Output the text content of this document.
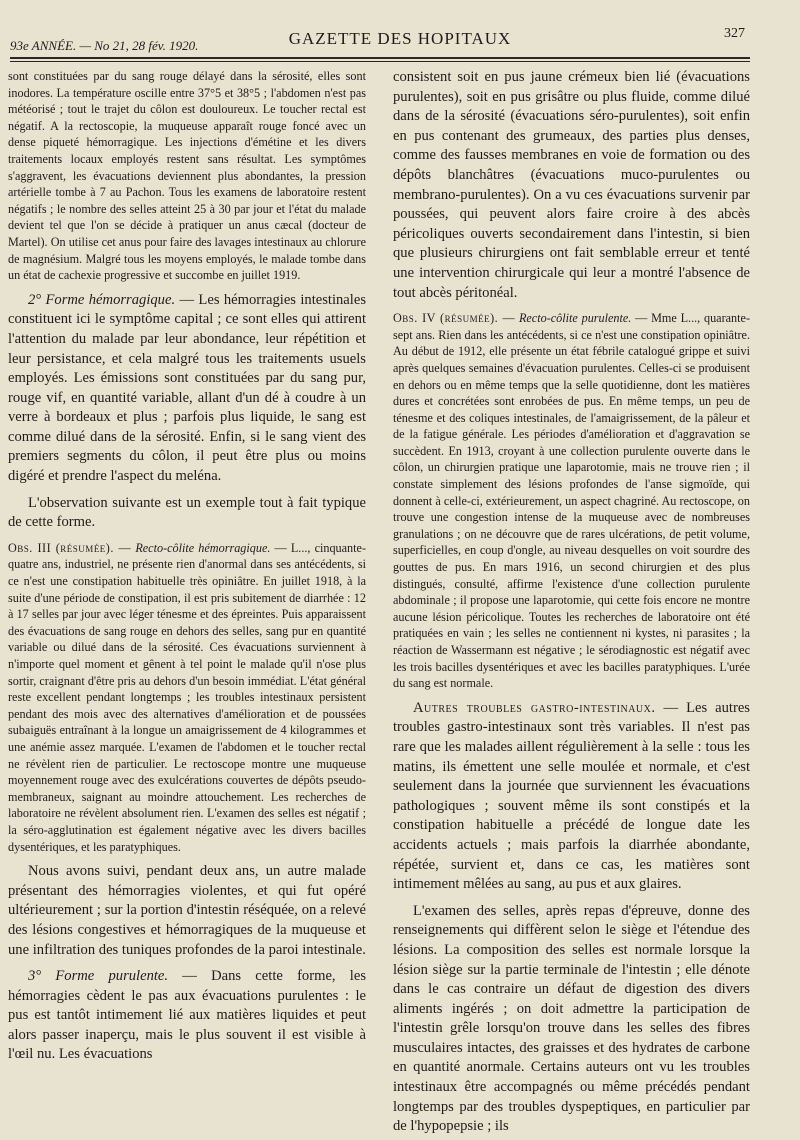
93e ANNÉE. — No 21, 28 fév. 1920.	GAZETTE DES HOPITAUX	327

sont constituées par du sang rouge délayé dans la sérosité, elles sont inodores. La température oscille entre 37°5 et 38°5 ; l'abdomen n'est pas météorisé ; tout le trajet du côlon est douloureux. Le toucher rectal est négatif. A la rectoscopie, la muqueuse apparaît rouge foncé avec un dense piqueté hémorragique. Les injections d'émétine et les divers traitements locaux employés restent sans résultat. Les symptômes s'aggravent, les évacuations deviennent plus abondantes, la pression artérielle tombe à 7 au Pachon. Tous les examens de laboratoire restent négatifs ; le nombre des selles atteint 25 à 30 par jour et l'état du malade devient tel que l'on se décide à pratiquer un anus cæcal (docteur de Martel). On utilise cet anus pour faire des lavages intestinaux au chlorure de magnésium. Malgré tous les moyens employés, le malade tombe dans un état de cachexie progressive et succombe en juillet 1919.

2° Forme hémorragique. — Les hémorragies intestinales constituent ici le symptôme capital ; ce sont elles qui attirent l'attention du malade par leur abondance, leur répétition et leur persistance, et cela malgré tous les traitements usuels employés. Les émissions sont constituées par du sang pur, rouge vif, en quantité variable, allant d'un dé à coudre à un verre à bordeaux et plus ; parfois plus liquide, le sang est comme dilué dans de la sérosité. Enfin, si le sang vient des premiers segments du côlon, il peut être plus ou moins digéré et prendre l'aspect du meléna.

L'observation suivante est un exemple tout à fait typique de cette forme.

Obs. III (résumée). — Recto-côlite hémorragique. — L..., cinquante-quatre ans, industriel, ne présente rien d'anormal dans ses antécédents, si ce n'est une constipation habituelle très opiniâtre. En juillet 1918, à la suite d'une période de constipation, il est pris subitement de diarrhée : 12 à 17 selles par jour avec léger ténesme et des épreintes. Puis apparaissent des évacuations de sang rouge en dehors des selles, sang pur en quantité variable ou dilué dans de la sérosité. Ces évacuations surviennent à n'importe quel moment et gênent à tel point le malade qu'il n'ose plus sortir, craignant d'être pris au dehors d'un besoin immédiat. L'état général reste excellent pendant longtemps ; les troubles intestinaux persistent pendant des mois avec des alternatives d'amélioration et de poussées subaiguës entraînant à la longue un amaigrissement de 4 kilogrammes et une anémie assez marquée. L'examen de l'abdomen et le toucher rectal ne révèlent rien de particulier. Le rectoscope montre une muqueuse moyennement rouge avec des exulcérations couvertes de dépôts pseudo-membraneux, saignant au moindre attouchement. Les recherches de laboratoire ne révèlent absolument rien. L'examen des selles est négatif ; la séro-agglutination est également négative avec les divers bacilles dysentériques, et les paratyphiques.

Nous avons suivi, pendant deux ans, un autre malade présentant des hémorragies violentes, et qui fut opéré ultérieurement ; sur la portion d'intestin réséquée, on a relevé des lésions congestives et hémorragiques de la muqueuse et une infiltration des tuniques profondes de la paroi intestinale.

3° Forme purulente. — Dans cette forme, les hémorragies cèdent le pas aux évacuations purulentes : le pus est tantôt intimement lié aux matières liquides et peut alors passer inaperçu, mais le plus souvent il est visible à l'œil nu. Les évacuations

consistent soit en pus jaune crémeux bien lié (évacuations purulentes), soit en pus grisâtre ou plus fluide, comme dilué dans de la sérosité (évacuations séro-purulentes), soit enfin en pus contenant des grumeaux, des parties plus denses, comme des fausses membranes en voie de formation ou des dépôts blanchâtres (évacuations muco-purulentes ou membrano-purulentes). On a vu ces évacuations survenir par poussées, qui peuvent alors faire croire à des abcès péricoliques ouverts secondairement dans l'intestin, si bien que plusieurs chirurgiens ont fait semblable erreur et tenté une intervention chirurgicale qui leur a montré l'absence de tout abcès péritonéal.

Obs. IV (résumée). — Recto-côlite purulente. — Mme L..., quarante-sept ans. Rien dans les antécédents, si ce n'est une constipation opiniâtre. Au début de 1912, elle présente un état fébrile catalogué grippe et suivi après quelques semaines d'évacuation purulentes. Celles-ci se produisent en dehors ou en même temps que la selle quotidienne, dont les matières dures et concrétées sont enrobées de pus. En même temps, un peu de ténesme et des coliques intestinales, de l'amaigrissement, de la pâleur et de la fatigue générale. Les périodes d'amélioration et d'aggravation se succèdent. En 1913, croyant à une collection purulente ouverte dans le côlon, un chirurgien pratique une laparotomie, mais ne trouve rien ; il constate simplement des lésions profondes de l'anse sigmoïde, qui donnent à celle-ci, extérieurement, un aspect chagriné. Au rectoscope, on trouve une congestion intense de la muqueuse avec de nombreuses granulations ; on ne découvre que de rares ulcérations, de petit volume, superficielles, en coup d'ongle, au niveau desquelles on voit sourdre des gouttes de pus. En mars 1916, un second chirurgien et des plus distingués, consulté, affirme l'existence d'une collection purulente abdominale ; il propose une laparotomie, qui cette fois encore ne montre aucune lésion péricolique. Toutes les recherches de laboratoire ont été pratiquées en vain ; les selles ne contiennent ni kystes, ni parasites ; la réaction de Wassermann est négative ; le sérodiagnostic est négatif avec les trois bacilles dysentériques et avec les bacilles paratyphiques. L'urée du sang est normale.

Autres troubles gastro-intestinaux. — Les autres troubles gastro-intestinaux sont très variables. Il n'est pas rare que les malades aillent régulièrement à la selle : tous les matins, ils émettent une selle moulée et normale, et c'est seulement dans la journée que surviennent les évacuations pathologiques ; souvent même ils sont constipés et la constipation habituelle a précédé de longue date les accidents actuels ; mais parfois la diarrhée abondante, répétée, survient et, dans ce cas, les matières sont intimement mêlées au sang, au pus et aux glaires.

L'examen des selles, après repas d'épreuve, donne des renseignements qui diffèrent selon le siège et l'étendue des lésions. La composition des selles est normale lorsque la lésion siège sur la partie terminale de l'intestin ; elle dénote dans le cas contraire un défaut de digestion des divers aliments ingérés ; on doit admettre la participation de l'intestin grêle lorsqu'on trouve dans les selles des fibres musculaires intactes, des graisses et des hydrates de carbone en quantité anormale. Certains auteurs ont vu les troubles intestinaux être accompagnés ou même précédés pendant longtemps par des troubles dyspeptiques, en particulier par de l'hypopepsie ; ils
